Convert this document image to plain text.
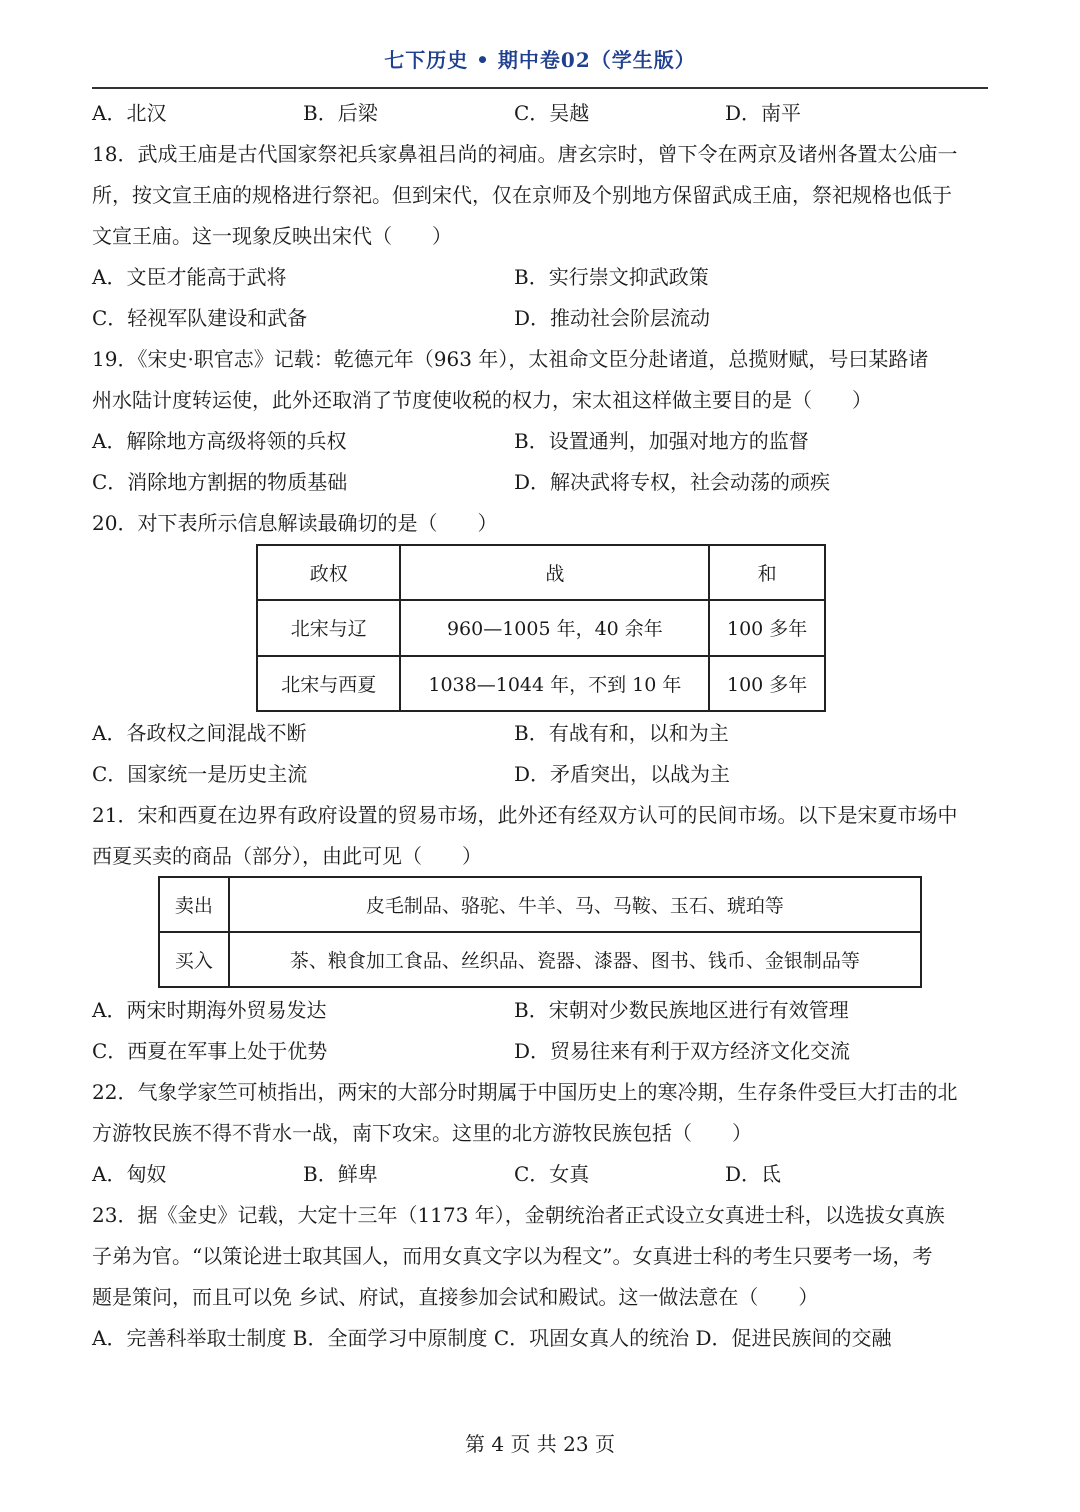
七下历史 • 期中卷02（学生版）
A．北汉	B．后梁	C．吴越	D．南平
18．武成王庙是古代国家祭祀兵家鼻祖吕尚的祠庙。唐玄宗时，曾下令在两京及诸州各置太公庙一
所，按文宣王庙的规格进行祭祀。但到宋代，仅在京师及个别地方保留武成王庙，祭祀规格也低于
文宣王庙。这一现象反映出宋代（　　）
A．文臣才能高于武将	B．实行崇文抑武政策
C．轻视军队建设和武备	D．推动社会阶层流动
19．《宋史·职官志》记载：乾德元年（963 年），太祖命文臣分赴诸道，总揽财赋，号曰某路诸
州水陆计度转运使，此外还取消了节度使收税的权力，宋太祖这样做主要目的是（　　）
A．解除地方高级将领的兵权	B．设置通判，加强对地方的监督
C．消除地方割据的物质基础	D．解决武将专权，社会动荡的顽疾
20．对下表所示信息解读最确切的是（　　）
政权	战	和
北宋与辽	960—1005 年，40 余年	100 多年
北宋与西夏	1038—1044 年，不到 10 年	100 多年
A．各政权之间混战不断	B．有战有和，以和为主
C．国家统一是历史主流	D．矛盾突出，以战为主
21．宋和西夏在边界有政府设置的贸易市场，此外还有经双方认可的民间市场。以下是宋夏市场中
西夏买卖的商品（部分），由此可见（　　）
卖出	皮毛制品、骆驼、牛羊、马、马鞍、玉石、琥珀等
买入	茶、粮食加工食品、丝织品、瓷器、漆器、图书、钱币、金银制品等
A．两宋时期海外贸易发达	B．宋朝对少数民族地区进行有效管理
C．西夏在军事上处于优势	D．贸易往来有利于双方经济文化交流
22．气象学家竺可桢指出，两宋的大部分时期属于中国历史上的寒冷期，生存条件受巨大打击的北
方游牧民族不得不背水一战，南下攻宋。这里的北方游牧民族包括（　　）
A．匈奴	B．鲜卑	C．女真	D．氐
23．据《金史》记载，大定十三年（1173 年），金朝统治者正式设立女真进士科，以选拔女真族
子弟为官。“以策论进士取其国人，而用女真文字以为程文”。女真进士科的考生只要考一场，考
题是策问，而且可以免 乡试、府试，直接参加会试和殿试。这一做法意在（　　）
A．完善科举取士制度 B．全面学习中原制度 C．巩固女真人的统治 D．促进民族间的交融
第 4 页 共 23 页
